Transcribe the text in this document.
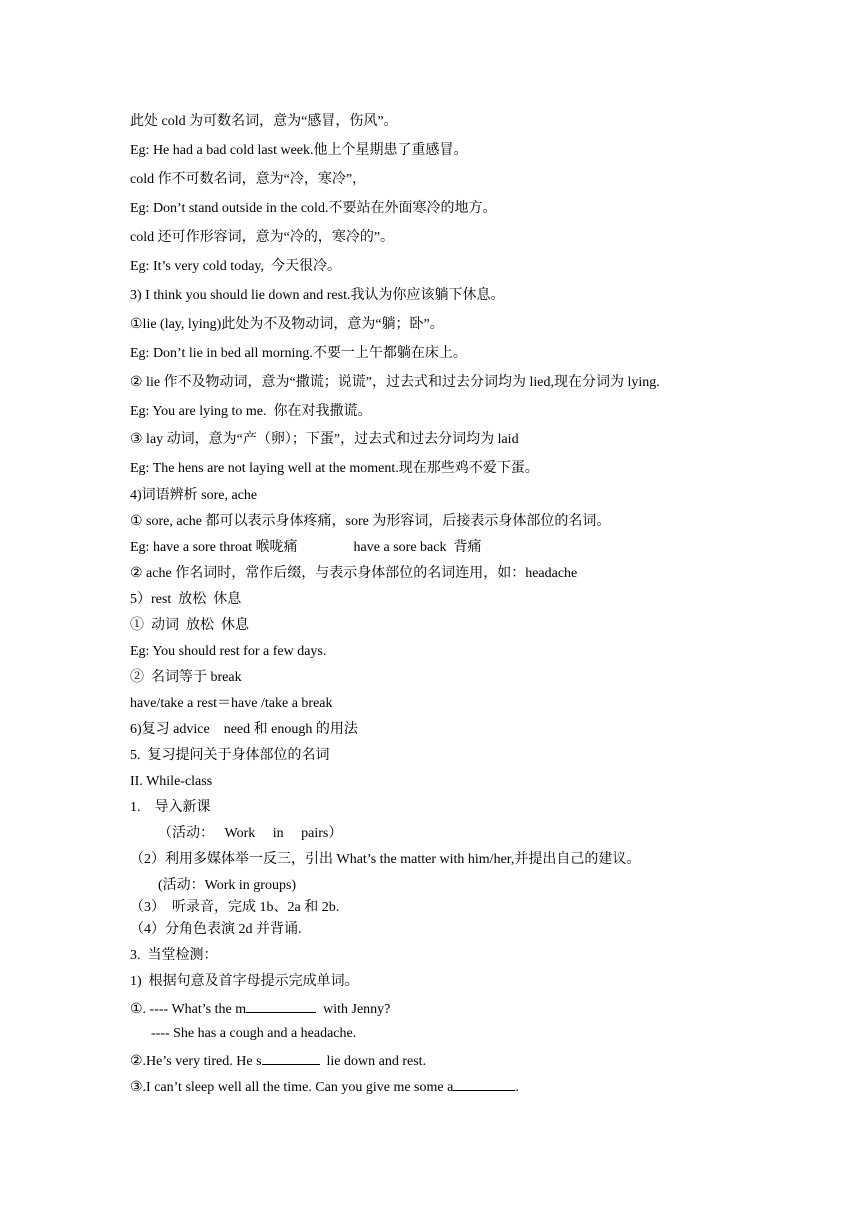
此处 cold 为可数名词，意为“感冒，伤风”。

Eg: He had a bad cold last week.他上个星期患了重感冒。

cold 作不可数名词，意为“冷，寒冷”，

Eg: Don’t stand outside in the cold.不要站在外面寒冷的地方。

cold 还可作形容词，意为“冷的，寒冷的”。

Eg: It’s very cold today,  今天很冷。

3) I think you should lie down and rest.我认为你应该躺下休息。

①lie (lay, lying)此处为不及物动词，意为“躺；卧”。

Eg: Don’t lie in bed all morning.不要一上午都躺在床上。

② lie 作不及物动词，意为“撒谎；说谎”，过去式和过去分词均为 lied,现在分词为 lying.

Eg: You are lying to me.  你在对我撒谎。

③ lay 动词，意为“产（卵）；下蛋”，过去式和过去分词均为 laid

Eg: The hens are not laying well at the moment.现在那些鸡不爱下蛋。

4)词语辨析 sore, ache

① sore, ache 都可以表示身体疼痛，sore 为形容词，后接表示身体部位的名词。

Eg: have a sore throat 喉咙痛                have a sore back  背痛

② ache 作名词时，常作后缀，与表示身体部位的名词连用，如：headache

5）rest  放松  休息

①  动词  放松  休息

Eg: You should rest for a few days.

②  名词等于 break

have/take a rest＝have /take a break

6)复习 advice    need 和 enough 的用法

5.  复习提问关于身体部位的名词

II. While-class

1.    导入新课

（活动：   Work     in     pairs）

（2）利用多媒体举一反三，引出 What’s the matter with him/her,并提出自己的建议。

(活动：Work in groups)

（3）  听录音，完成 1b、2a 和 2b.

（4）分角色表演 2d 并背诵.

3.  当堂检测：

1)  根据句意及首字母提示完成单词。

①. ---- What’s the m	with Jenny?

---- She has a cough and a headache.

②.He’s very tired. He s	lie down and rest.

③.I can’t sleep well all the time. Can you give me some a	.
